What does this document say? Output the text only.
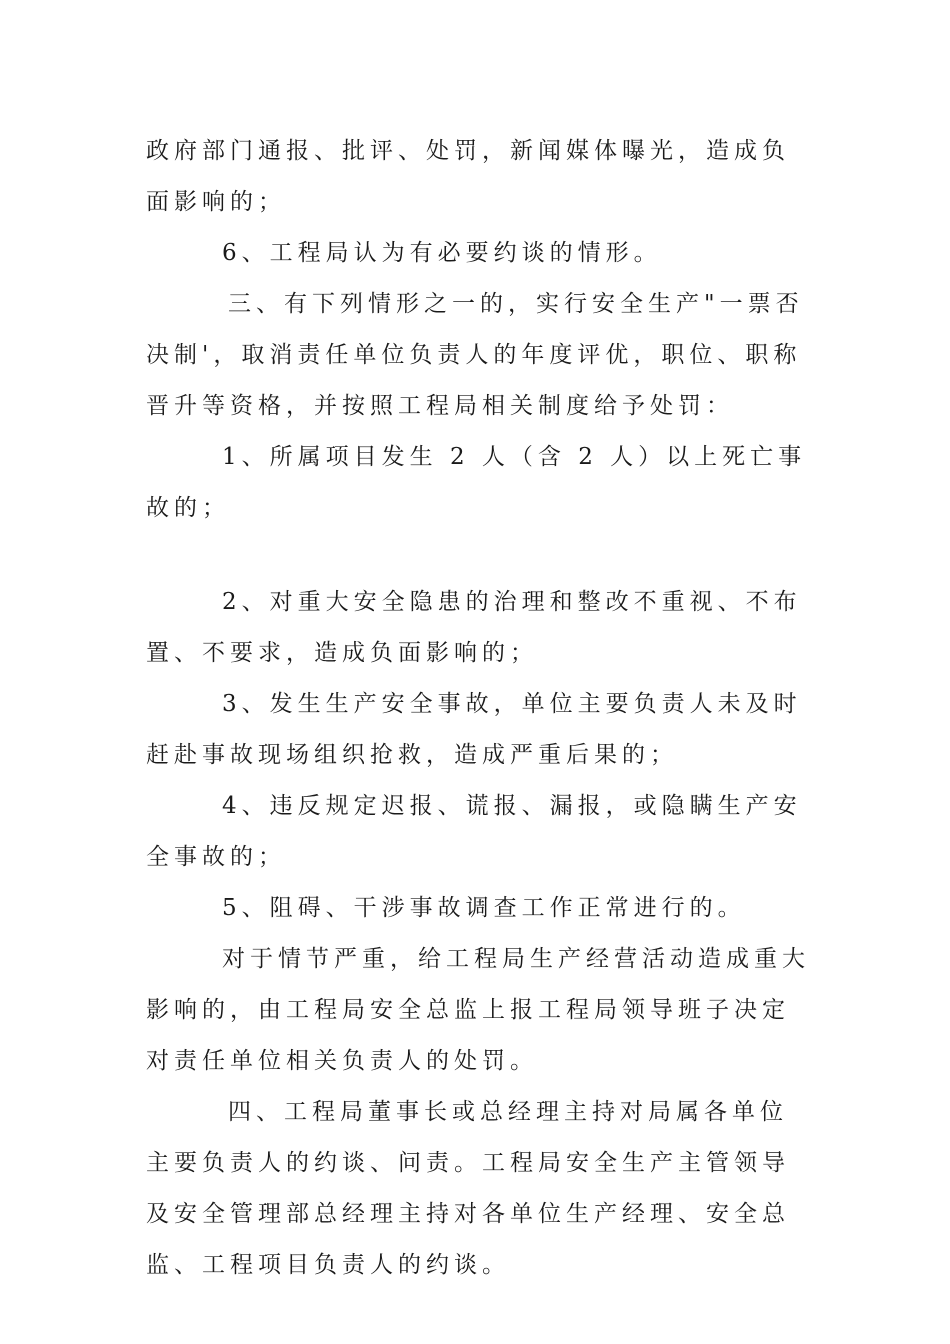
政府部门通报、批评、处罚，新闻媒体曝光，造成负面影响的；

6、工程局认为有必要约谈的情形。

三、有下列情形之一的，实行安全生产"一票否决制'，取消责任单位负责人的年度评优，职位、职称晋升等资格，并按照工程局相关制度给予处罚：

1、所属项目发生 2 人（含 2 人）以上死亡事故的；

2、对重大安全隐患的治理和整改不重视、不布置、不要求，造成负面影响的；

3、发生生产安全事故，单位主要负责人未及时赶赴事故现场组织抢救，造成严重后果的；

4、违反规定迟报、谎报、漏报，或隐瞒生产安全事故的；

5、阻碍、干涉事故调查工作正常进行的。

对于情节严重，给工程局生产经营活动造成重大影响的，由工程局安全总监上报工程局领导班子决定对责任单位相关负责人的处罚。

四、工程局董事长或总经理主持对局属各单位主要负责人的约谈、问责。工程局安全生产主管领导及安全管理部总经理主持对各单位生产经理、安全总监、工程项目负责人的约谈。
